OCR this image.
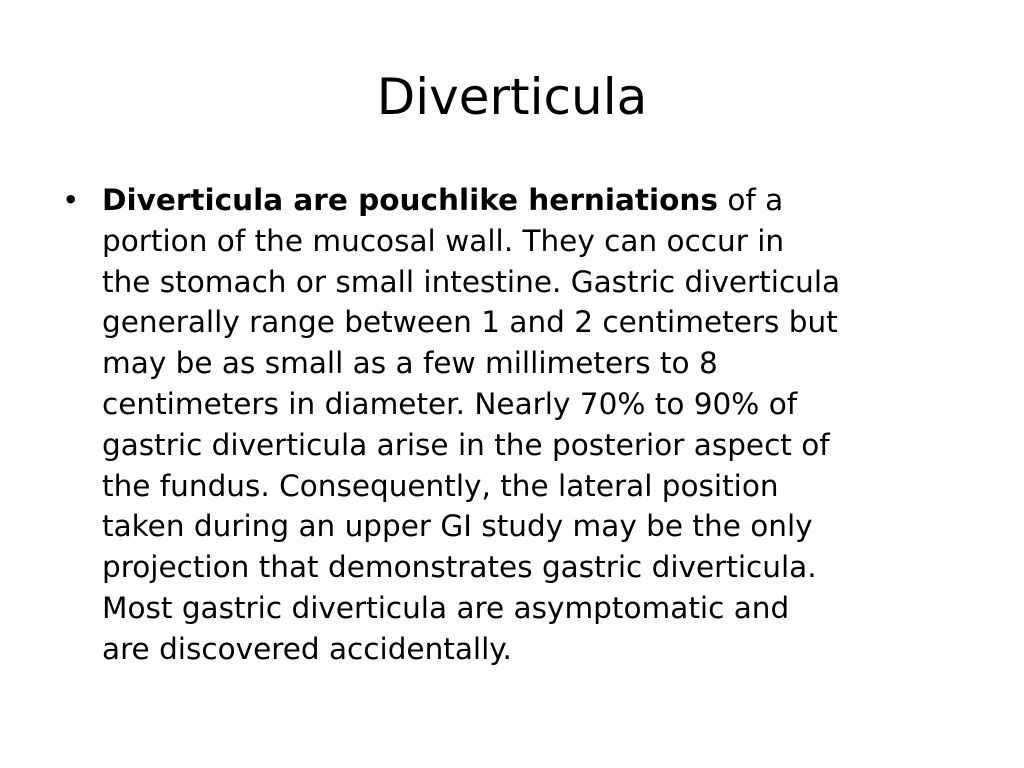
Diverticula
• Diverticula are pouchlike herniations of a
portion of the mucosal wall. They can occur in
the stomach or small intestine. Gastric diverticula
generally range between 1 and 2 centimeters but
may be as small as a few millimeters to 8
centimeters in diameter. Nearly 70% to 90% of
gastric diverticula arise in the posterior aspect of
the fundus. Consequently, the lateral position
taken during an upper GI study may be the only
projection that demonstrates gastric diverticula.
Most gastric diverticula are asymptomatic and
are discovered accidentally.
